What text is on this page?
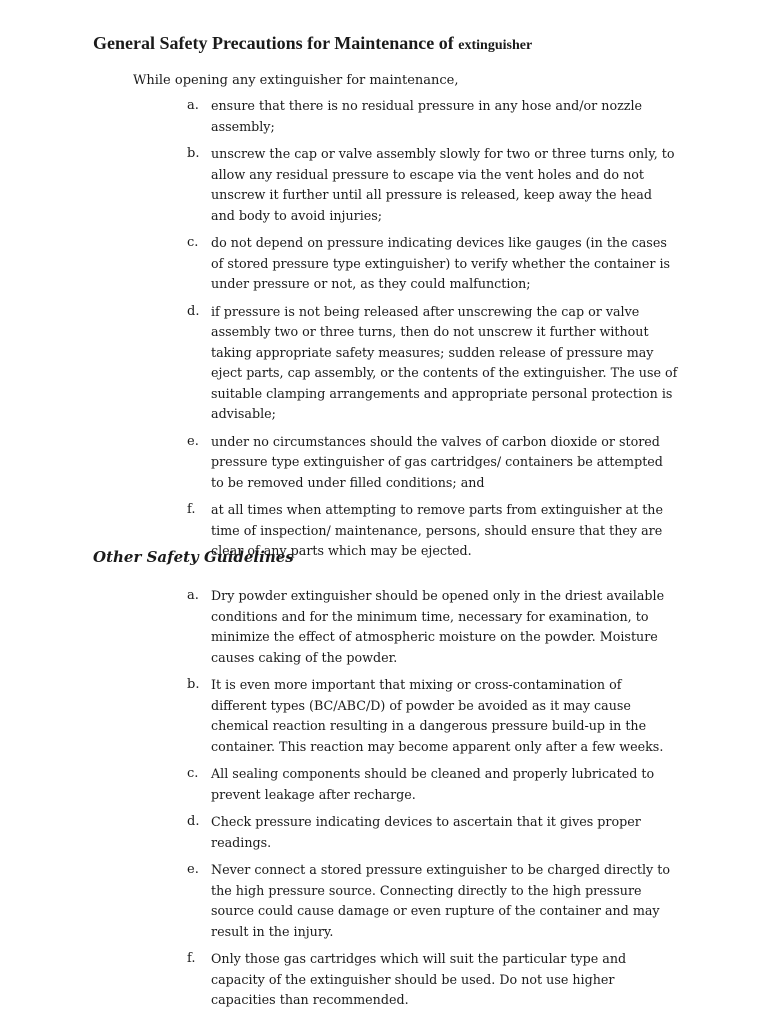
General Safety Precautions for Maintenance of extinguisher

While opening any extinguisher for maintenance,

a. ensure that there is no residual pressure in any hose and/or nozzle assembly;
b. unscrew the cap or valve assembly slowly for two or three turns only, to allow any residual pressure to escape via the vent holes and do not unscrew it further until all pressure is released, keep away the head and body to avoid injuries;
c. do not depend on pressure indicating devices like gauges (in the cases of stored pressure type extinguisher) to verify whether the container is under pressure or not, as they could malfunction;
d. if pressure is not being released after unscrewing the cap or valve assembly two or three turns, then do not unscrew it further without taking appropriate safety measures; sudden release of pressure may eject parts, cap assembly, or the contents of the extinguisher. The use of suitable clamping arrangements and appropriate personal protection is advisable;
e. under no circumstances should the valves of carbon dioxide or stored pressure type extinguisher of gas cartridges/ containers be attempted to be removed under filled conditions; and
f. at all times when attempting to remove parts from extinguisher at the time of inspection/ maintenance, persons, should ensure that they are clear of any parts which may be ejected.
Other Safety Guidelines
a. Dry powder extinguisher should be opened only in the driest available conditions and for the minimum time, necessary for examination, to minimize the effect of atmospheric moisture on the powder. Moisture causes caking of the powder.
b. It is even more important that mixing or cross-contamination of different types (BC/ABC/D) of powder be avoided as it may cause chemical reaction resulting in a dangerous pressure build-up in the container. This reaction may become apparent only after a few weeks.
c. All sealing components should be cleaned and properly lubricated to prevent leakage after recharge.
d. Check pressure indicating devices to ascertain that it gives proper readings.
e. Never connect a stored pressure extinguisher to be charged directly to the high pressure source. Connecting directly to the high pressure source could cause damage or even rupture of the container and may result in the injury.
f. Only those gas cartridges which will suit the particular type and capacity of the extinguisher should be used. Do not use higher capacities than recommended.
